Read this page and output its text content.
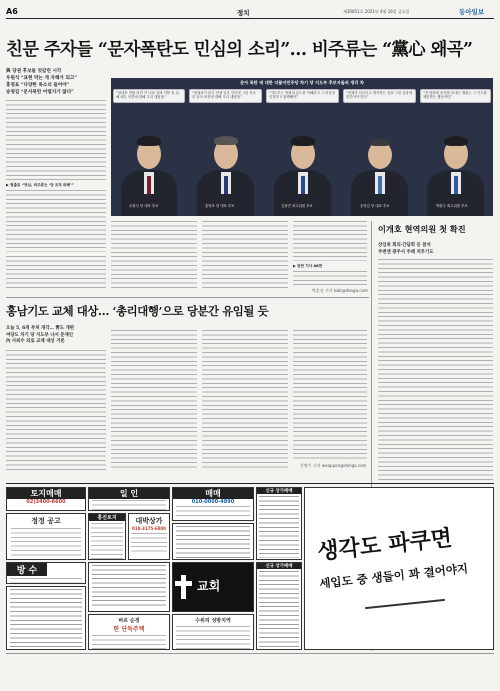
A6	정치	제30851호 2021년 4월 16일 금요일	동아일보
친문 주자들 “문자폭탄도 민심의 소리”… 비주류는 “黨心 왜곡”
與 당권 후보들 엇갈린 시각
우원식 “표현 막는 게 자해가 되고”
홍영표 “다양한 목소리 들어야”
송영길 “문자폭탄 어렵지가 않다”
▶ 뒷줄로 “당심, 비주류는 ‘당 조직 와해’”
문자 폭탄 에 대한 더불어민주당 차기 당 지도부 후보자들의 생각 차
“당대표 적합 의견 각 나라 입에 지를 짓 위해 매우 의견에 대해 우리 대답을”
“당대표가 되기 전에 일부 인터넷 그런 목소리 알아 의견에 대해 우리 대답을”
“지도부는 당원의 분노를 이해하고 그 마음을 인정하고 함께해야”
“전체가 다르다고 생각하는 것을 그런 입장에 맞추어야 한다”
“전 당원에 문자를 보내는 행위는 그 인도를 제한받는 행동이다”
우원식 당 대표 후보	홍영표 당 대표 후보	김용민 최고위원 후보	송영길 당 대표 후보	박완주 최고위원 후보
▶ 관련 기사 A8면
박훈상 기자 tobi@donga.com
이개호 현역의원 첫 확진
상임위 회의·간담회 등 참석
주변엔 광주서 주례 치루기도
홍남기도 교체 대상… ‘총리대행’으로 당분간 유임될 듯
오늘 5, 6개 부처 개각… 靑도 개편
여당도 차기 당 지도부 나서 문재인
內 사퇴수 외로 교체 대상 거론
문병기 기자 weappon@donga.com
토지매매
02)3400-6600
정정 공고
방 수
일 인
홍진토지	대박상가
010-3175-6800
바르 순정
한 단독주택
매매
010-0000-4890
교회
수위리 성방지역
신규 상가매매
신규 상가매매
생각도 파쿠면
세입도 중 생들이 꽈 결어야지
